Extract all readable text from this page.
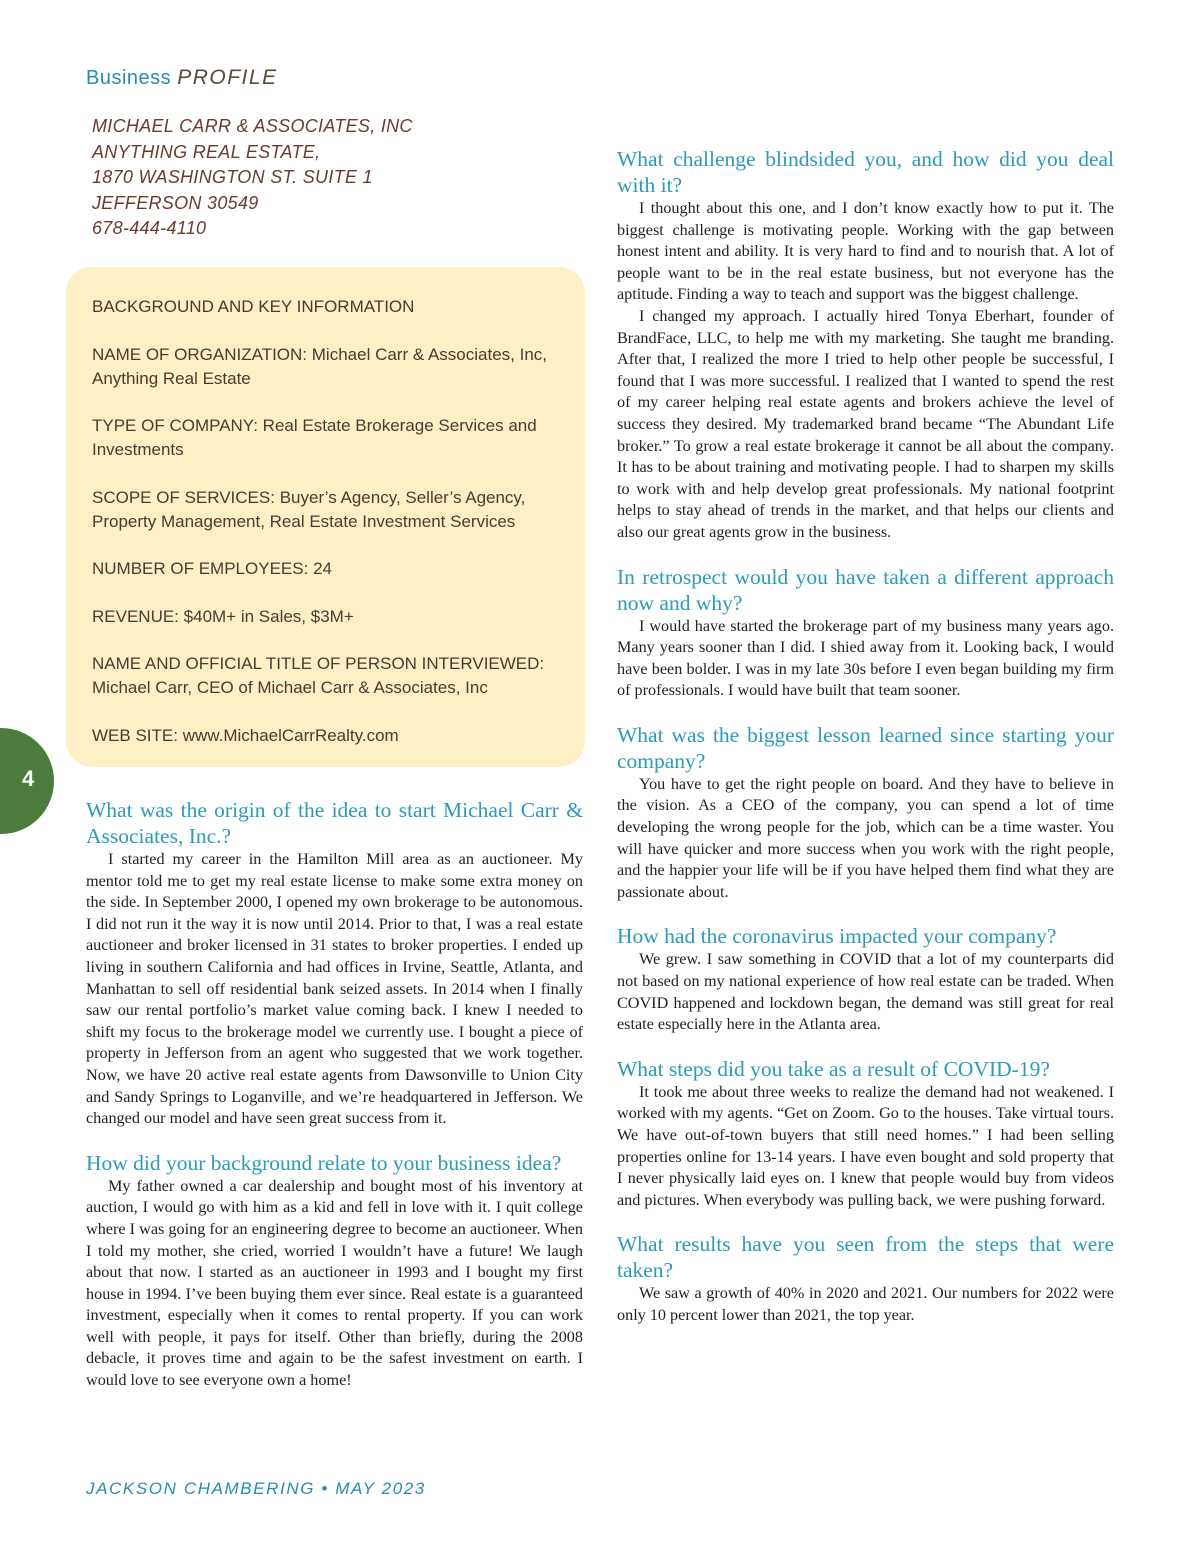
Business PROFILE
MICHAEL CARR & ASSOCIATES, INC
ANYTHING REAL ESTATE,
1870 WASHINGTON ST. SUITE 1
JEFFERSON 30549
678-444-4110

BACKGROUND AND KEY INFORMATION

NAME OF ORGANIZATION: Michael Carr & Associates, Inc, Anything Real Estate

TYPE OF COMPANY: Real Estate Brokerage Services and Investments

SCOPE OF SERVICES: Buyer’s Agency, Seller’s Agency, Property Management, Real Estate Investment Services

NUMBER OF EMPLOYEES: 24

REVENUE: $40M+ in Sales, $3M+

NAME AND OFFICIAL TITLE OF PERSON INTERVIEWED:
Michael Carr, CEO of Michael Carr & Associates, Inc

WEB SITE: www.MichaelCarrRealty.com

4
What was the origin of the idea to start Michael Carr & Associates, Inc.?

I started my career in the Hamilton Mill area as an auctioneer. My mentor told me to get my real estate license to make some extra money on the side. In September 2000, I opened my own brokerage to be autonomous. I did not run it the way it is now until 2014. Prior to that, I was a real estate auctioneer and broker licensed in 31 states to broker properties. I ended up living in southern California and had offices in Irvine, Seattle, Atlanta, and Manhattan to sell off residential bank seized assets. In 2014 when I finally saw our rental portfolio’s market value coming back. I knew I needed to shift my focus to the brokerage model we currently use. I bought a piece of property in Jefferson from an agent who suggested that we work together. Now, we have 20 active real estate agents from Dawsonville to Union City and Sandy Springs to Loganville, and we’re headquartered in Jefferson. We changed our model and have seen great success from it.

How did your background relate to your business idea?

My father owned a car dealership and bought most of his inventory at auction, I would go with him as a kid and fell in love with it. I quit college where I was going for an engineering degree to become an auctioneer. When I told my mother, she cried, worried I wouldn’t have a future! We laugh about that now. I started as an auctioneer in 1993 and I bought my first house in 1994. I’ve been buying them ever since. Real estate is a guaranteed investment, especially when it comes to rental property. If you can work well with people, it pays for itself. Other than briefly, during the 2008 debacle, it proves time and again to be the safest investment on earth. I would love to see everyone own a home!

What challenge blindsided you, and how did you deal with it?

I thought about this one, and I don’t know exactly how to put it. The biggest challenge is motivating people. Working with the gap between honest intent and ability. It is very hard to find and to nourish that. A lot of people want to be in the real estate business, but not everyone has the aptitude. Finding a way to teach and support was the biggest challenge.

I changed my approach. I actually hired Tonya Eberhart, founder of BrandFace, LLC, to help me with my marketing. She taught me branding. After that, I realized the more I tried to help other people be successful, I found that I was more successful. I realized that I wanted to spend the rest of my career helping real estate agents and brokers achieve the level of success they desired. My trademarked brand became “The Abundant Life broker.” To grow a real estate brokerage it cannot be all about the company. It has to be about training and motivating people. I had to sharpen my skills to work with and help develop great professionals. My national footprint helps to stay ahead of trends in the market, and that helps our clients and also our great agents grow in the business.

In retrospect would you have taken a different approach now and why?

I would have started the brokerage part of my business many years ago. Many years sooner than I did. I shied away from it. Looking back, I would have been bolder. I was in my late 30s before I even began building my firm of professionals. I would have built that team sooner.

What was the biggest lesson learned since starting your company?

You have to get the right people on board. And they have to believe in the vision. As a CEO of the company, you can spend a lot of time developing the wrong people for the job, which can be a time waster. You will have quicker and more success when you work with the right people, and the happier your life will be if you have helped them find what they are passionate about.

How had the coronavirus impacted your company?

We grew. I saw something in COVID that a lot of my counterparts did not based on my national experience of how real estate can be traded. When COVID happened and lockdown began, the demand was still great for real estate especially here in the Atlanta area.

What steps did you take as a result of COVID-19?

It took me about three weeks to realize the demand had not weakened. I worked with my agents. “Get on Zoom. Go to the houses. Take virtual tours. We have out-of-town buyers that still need homes.” I had been selling properties online for 13-14 years. I have even bought and sold property that I never physically laid eyes on. I knew that people would buy from videos and pictures. When everybody was pulling back, we were pushing forward.

What results have you seen from the steps that were taken?

We saw a growth of 40% in 2020 and 2021. Our numbers for 2022 were only 10 percent lower than 2021, the top year.

JACKSON CHAMBERING • MAY 2023
